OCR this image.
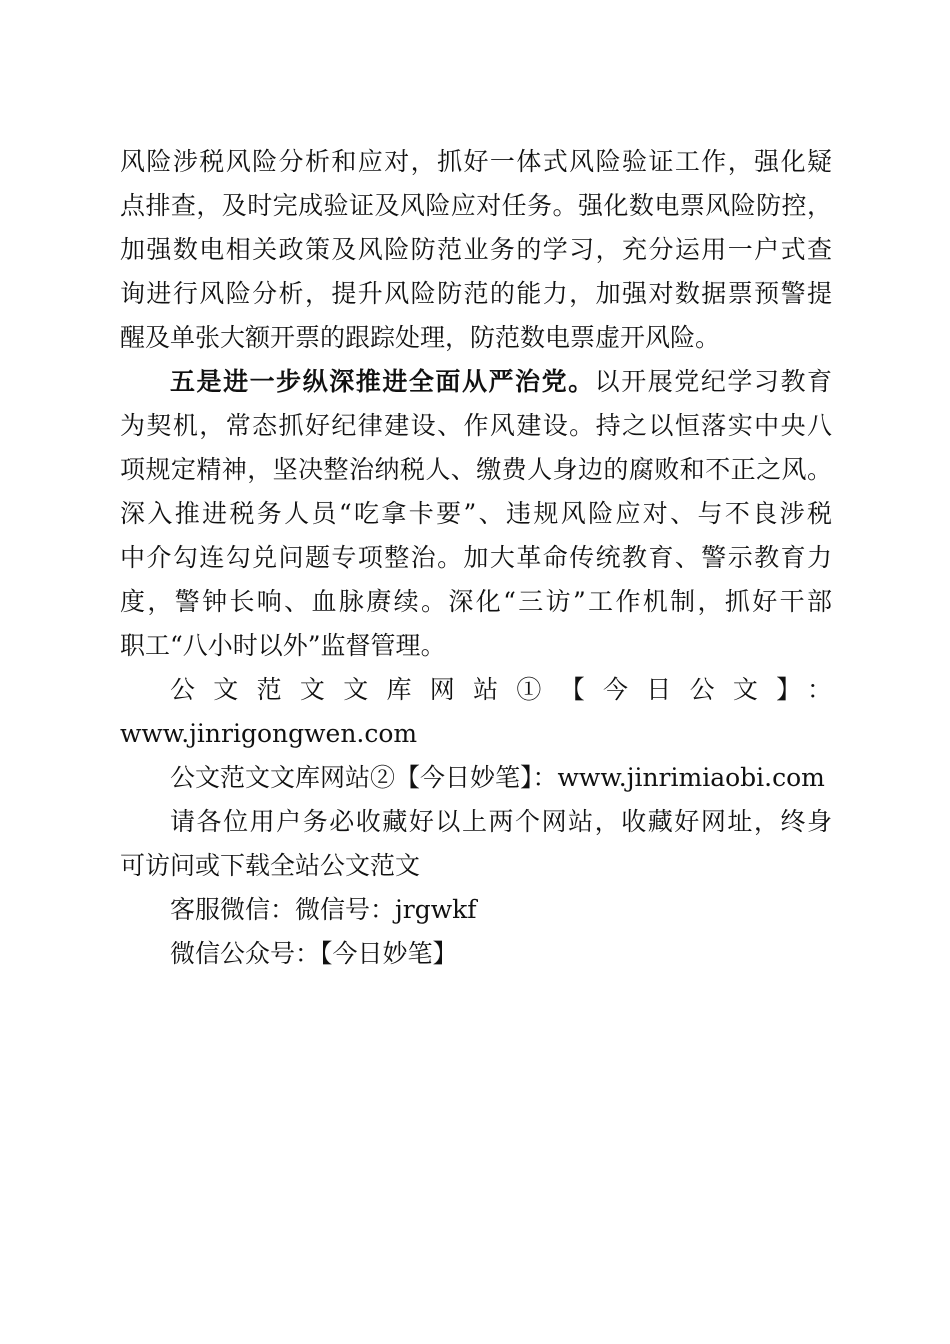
风险涉税风险分析和应对，抓好一体式风险验证工作，强化疑
点排查，及时完成验证及风险应对任务。强化数电票风险防控，
加强数电相关政策及风险防范业务的学习，充分运用一户式查
询进行风险分析，提升风险防范的能力，加强对数据票预警提
醒及单张大额开票的跟踪处理，防范数电票虚开风险。
五是进一步纵深推进全面从严治党。以开展党纪学习教育
为契机，常态抓好纪律建设、作风建设。持之以恒落实中央八
项规定精神，坚决整治纳税人、缴费人身边的腐败和不正之风。
深入推进税务人员“吃拿卡要”、违规风险应对、与不良涉税
中介勾连勾兑问题专项整治。加大革命传统教育、警示教育力
度，警钟长响、血脉赓续。深化“三访”工作机制，抓好干部
职工“八小时以外”监督管理。
公文范文文库网站①【今日公文】：
www.jinrigongwen.com
公文范文文库网站②【今日妙笔】：www.jinrimiaobi.com
请各位用户务必收藏好以上两个网站，收藏好网址，终身
可访问或下载全站公文范文
客服微信：微信号：jrgwkf
微信公众号：【今日妙笔】
